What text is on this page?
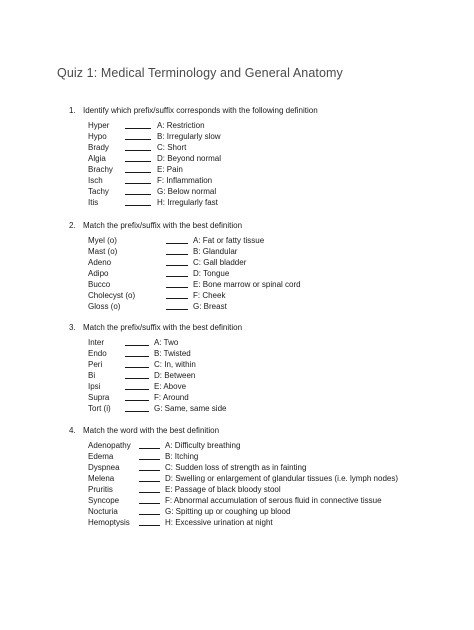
Quiz 1: Medical Terminology and General Anatomy
1. Identify which prefix/suffix corresponds with the following definition
Hyper	A: Restriction
Hypo	B: Irregularly slow
Brady	C: Short
Algia	D: Beyond normal
Brachy	E: Pain
Isch	F: Inflammation
Tachy	G: Below normal
Itis	H: Irregularly fast
2. Match the prefix/suffix with the best definition
Myel (o)	A: Fat or fatty tissue
Mast (o)	B: Glandular
Adeno	C: Gall bladder
Adipo	D: Tongue
Bucco	E: Bone marrow or spinal cord
Cholecyst (o)	F: Cheek
Gloss (o)	G: Breast
3. Match the prefix/suffix with the best definition
Inter	A: Two
Endo	B: Twisted
Peri	C: In, within
Bi	D: Between
Ipsi	E: Above
Supra	F: Around
Tort (i)	G: Same, same side
4. Match the word with the best definition
Adenopathy	A: Difficulty breathing
Edema	B: Itching
Dyspnea	C: Sudden loss of strength as in fainting
Melena	D: Swelling or enlargement of glandular tissues (i.e. lymph nodes)
Pruritis	E: Passage of black bloody stool
Syncope	F: Abnormal accumulation of serous fluid in connective tissue
Nocturia	G: Spitting up or coughing up blood
Hemoptysis	H: Excessive urination at night
